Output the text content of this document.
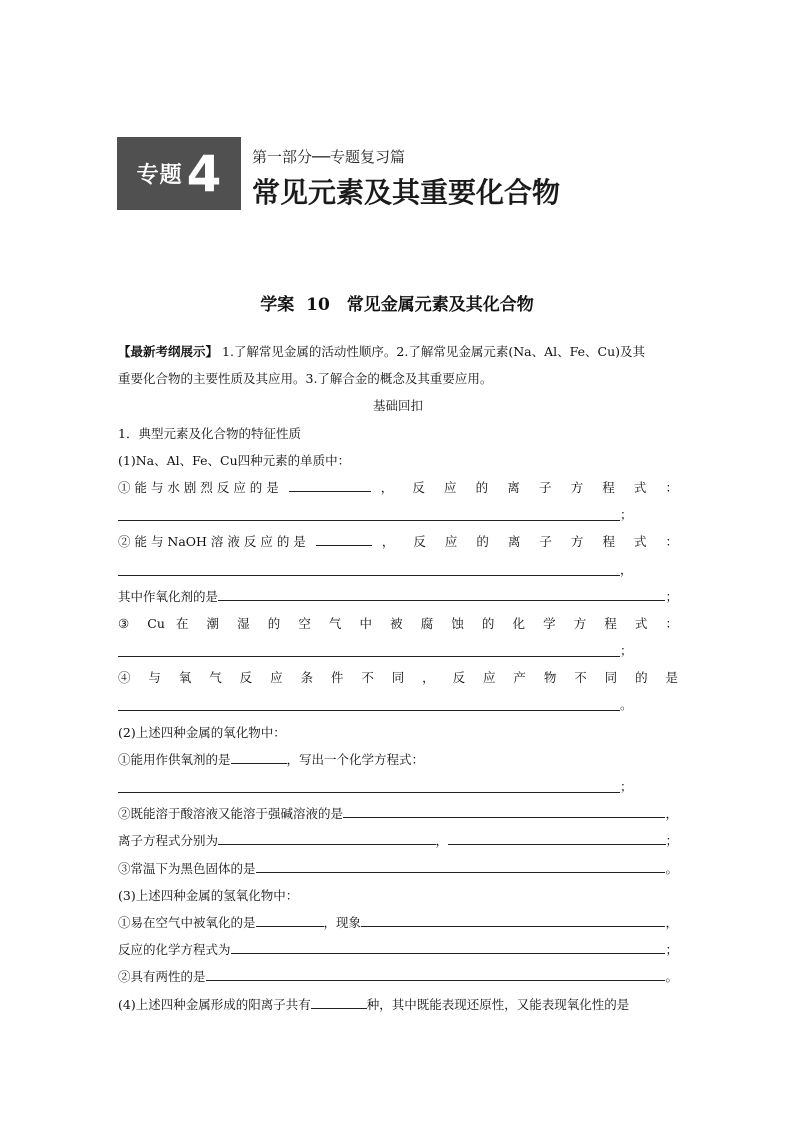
专题 4 第一部分──专题复习篇
常见元素及其重要化合物
学案 10　常见金属元素及其化合物
【最新考纲展示】 1.了解常见金属的活动性顺序。2.了解常见金属元素(Na、Al、Fe、Cu)及其
重要化合物的主要性质及其应用。3.了解合金的概念及其重要应用。
基础回扣
1．典型元素及化合物的特征性质
(1)Na、Al、Fe、Cu四种元素的单质中：
① 能 与 水 剧 烈 反 应 的 是	， 反 应 的 离 子 方 程 式 ：
；
② 能 与 NaOH 溶 液 反 应 的 是	， 反 应 的 离 子 方 程 式 ：
，
其中作氧化剂的是	；
③ Cu 在 潮 湿 的 空 气 中 被 腐 蚀 的 化 学 方 程 式 ：
；
④ 与 氧 气 反 应 条 件 不 同 ， 反 应 产 物 不 同 的 是
。
(2)上述四种金属的氧化物中：
①能用作供氧剂的是	，写出一个化学方程式：
；
②既能溶于酸溶液又能溶于强碱溶液的是	，
离子方程式分别为	，	；
③常温下为黑色固体的是	。
(3)上述四种金属的氢氧化物中：
①易在空气中被氧化的是	，现象	，
反应的化学方程式为	；
②具有两性的是	。
(4)上述四种金属形成的阳离子共有	种，其中既能表现还原性，又能表现氧化性的是
